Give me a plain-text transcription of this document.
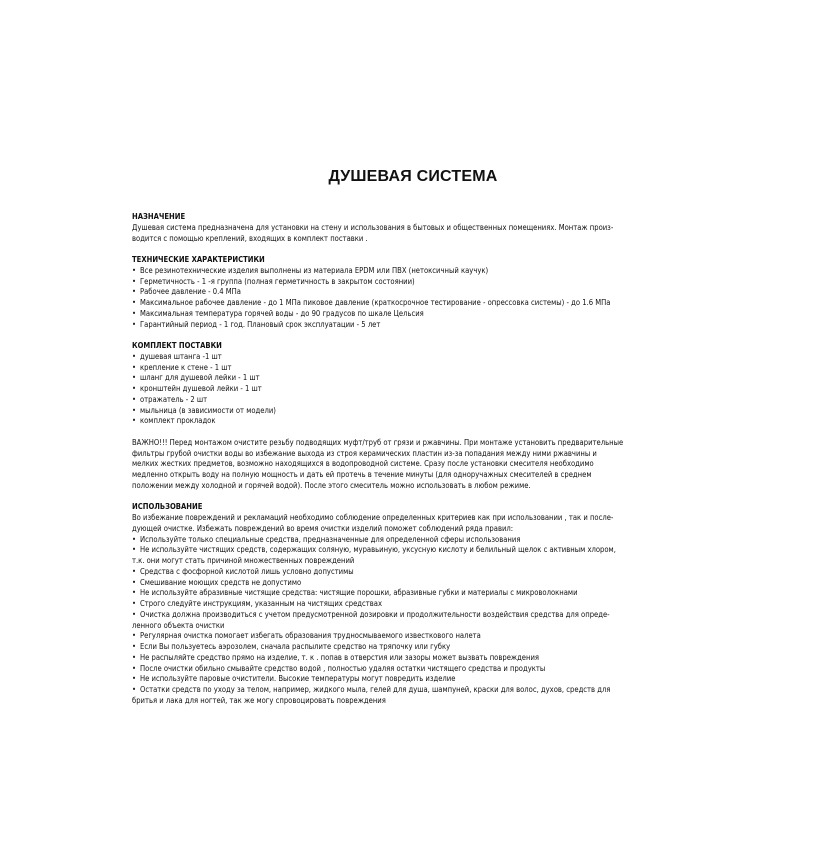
ДУШЕВАЯ СИСТЕМА
НАЗНАЧЕНИЕ
Душевая система предназначена для установки на стену и использования в бытовых и общественных помещениях. Монтаж произ-
водится с помощью креплений, входящих в комплект поставки .
ТЕХНИЧЕСКИЕ ХАРАКТЕРИСТИКИ
• Все резинотехнические изделия выполнены из материала EPDM или ПВХ (нетоксичный каучук)
• Герметичность - 1 -я группа (полная герметичность в закрытом состоянии)
• Рабочее давление - 0.4 МПа
• Максимальное рабочее давление - до 1 МПа пиковое давление (краткосрочное тестирование - опрессовка системы) - до 1.6 МПа
• Максимальная температура горячей воды - до 90 градусов по шкале Цельсия
• Гарантийный период - 1 год. Плановый срок эксплуатации - 5 лет
КОМПЛЕКТ ПОСТАВКИ
• душевая штанга -1 шт
• крепление к стене - 1 шт
• шланг для душевой лейки - 1 шт
• кронштейн душевой лейки - 1 шт
• отражатель - 2 шт
• мыльница (в зависимости от модели)
• комплект прокладок
ВАЖНО!!! Перед монтажом очистите резьбу подводящих муфт/труб от грязи и ржавчины. При монтаже установить предварительные
фильтры грубой очистки воды во избежание выхода из строя керамических пластин из-за попадания между ними ржавчины и
мелких жестких предметов, возможно находящихся в водопроводной системе. Сразу после установки смесителя необходимо
медленно открыть воду на полную мощность и дать ей протечь в течение минуты (для одноручажных смесителей в среднем
положении между холодной и горячей водой). После этого смеситель можно использовать в любом режиме.
ИСПОЛЬЗОВАНИЕ
Во избежание повреждений и рекламаций необходимо соблюдение определенных критериев как при использовании , так и после-
дующей очистке. Избежать повреждений во время очистки изделий поможет соблюдений ряда правил:
• Используйте только специальные средства, предназначенные для определенной сферы использования
• Не используйте чистящих средств, содержащих соляную, муравьиную, уксусную кислоту и белильный щелок с активным хлором,
т.к. они могут стать причиной множественных повреждений
• Средства с фосфорной кислотой лишь условно допустимы
• Смешивание моющих средств не допустимо
• Не используйте абразивные чистящие средства: чистящие порошки, абразивные губки и материалы с микроволокнами
• Строго следуйте инструкциям, указанным на чистящих средствах
• Очистка должна производиться с учетом предусмотренной дозировки и продолжительности воздействия средства для опреде-
ленного объекта очистки
• Регулярная очистка помогает избегать образования трудносмываемого известкового налета
• Если Вы пользуетесь аэрозолем, сначала распылите средство на тряпочку или губку
• Не распыляйте средство прямо на изделие, т. к . попав в отверстия или зазоры может вызвать повреждения
• После очистки обильно смывайте средство водой , полностью удаляя остатки чистящего средства и продукты
• Не используйте паровые очистители. Высокие температуры могут повредить изделие
• Остатки средств по уходу за телом, например, жидкого мыла, гелей для душа, шампуней, краски для волос, духов, средств для
бритья и лака для ногтей, так же могу спровоцировать повреждения
